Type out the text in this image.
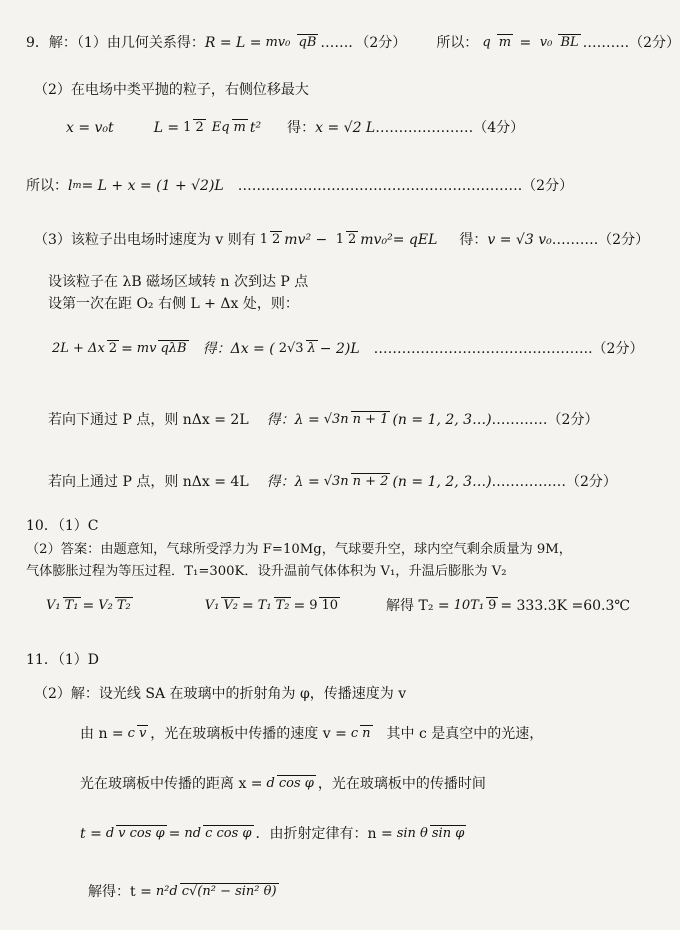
9．解：（1）由几何关系得： R = L = mv₀ qB ……．（2分） 所以： q m = v₀ BL ……….（2分）
（2）在电场中类平抛的粒子，右侧位移最大
x = v₀t	L = 1 2 Eq m t² 得： x = √2 L …………………（4分）
所以： l m = L + x = (1 + √2)L …………………………………………………….（2分）
（3）该粒子出电场时速度为 v 则有 1 2 mv²
−
1 2 mv₀² = qEL 得： v = √3 v₀ ……….（2分）
设该粒子在 λB 磁场区域转 n 次到达 P 点
设第一次在距 O₂ 右侧 L + Δx 处，则：
2L + Δx 2 = mv qλB 得：Δx = ( 2√3 λ − 2)L ………………………………………..（2分）
若向下通过 P 点，则 nΔx = 2L 得：λ = √3n n + 1 (n = 1, 2, 3…) …………（2分）
若向上通过 P 点，则 nΔx = 4L 得：λ = √3n n + 2 (n = 1, 2, 3…) ………….…（2分）
10．（1）C
（2）答案：由题意知，气球所受浮力为 F=10Mg，气球要升空，球内空气剩余质量为 9M，
气体膨胀过程为等压过程．T₁=300K．设升温前气体体积为 V₁，升温后膨胀为 V₂
V₁ T₁ = V₂ T₂	V₁ V₂ = T₁ T₂ = 9 10	解得 T₂ = 10T₁ 9 = 333.3K =60.3℃
11．（1）D
（2）解：设光线 SA 在玻璃中的折射角为 φ，传播速度为 v
由 n = c v ，光在玻璃板中传播的速度 v = c n 其中 c 是真空中的光速，
光在玻璃板中传播的距离 x = d cos φ ，光在玻璃板中的传播时间
t = d v cos φ = nd c cos φ ．由折射定律有：n = sin θ sin φ
解得：t = n²d c√(n² − sin² θ)
